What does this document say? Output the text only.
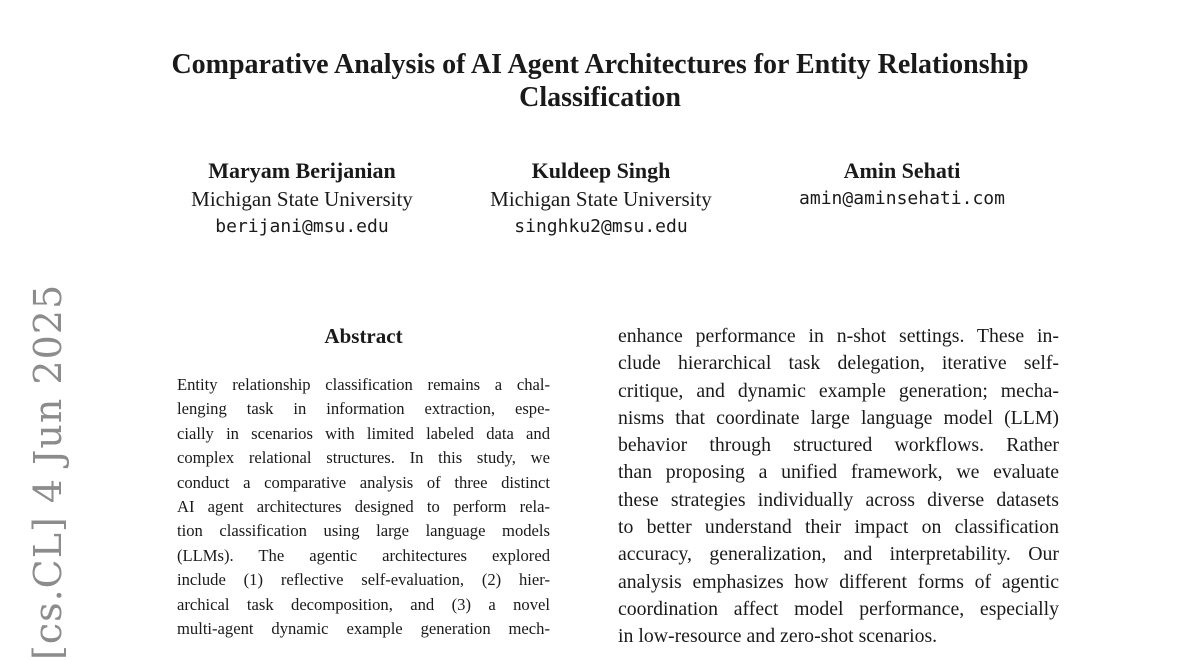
Comparative Analysis of AI Agent Architectures for Entity Relationship
Classification
Maryam Berijanian
Michigan State University
berijani@msu.edu
Kuldeep Singh
Michigan State University
singhku2@msu.edu
Amin Sehati
amin@aminsehati.com
Abstract
Entity relationship classification remains a chal-
lenging task in information extraction, espe-
cially in scenarios with limited labeled data and
complex relational structures. In this study, we
conduct a comparative analysis of three distinct
AI agent architectures designed to perform rela-
tion classification using large language models
(LLMs). The agentic architectures explored
include (1) reflective self-evaluation, (2) hier-
archical task decomposition, and (3) a novel
multi-agent dynamic example generation mech-
enhance performance in n-shot settings. These in-
clude hierarchical task delegation, iterative self-
critique, and dynamic example generation; mecha-
nisms that coordinate large language model (LLM)
behavior through structured workflows. Rather
than proposing a unified framework, we evaluate
these strategies individually across diverse datasets
to better understand their impact on classification
accuracy, generalization, and interpretability. Our
analysis emphasizes how different forms of agentic
coordination affect model performance, especially
in low-resource and zero-shot scenarios.
[cs.CL] 4 Jun 2025
